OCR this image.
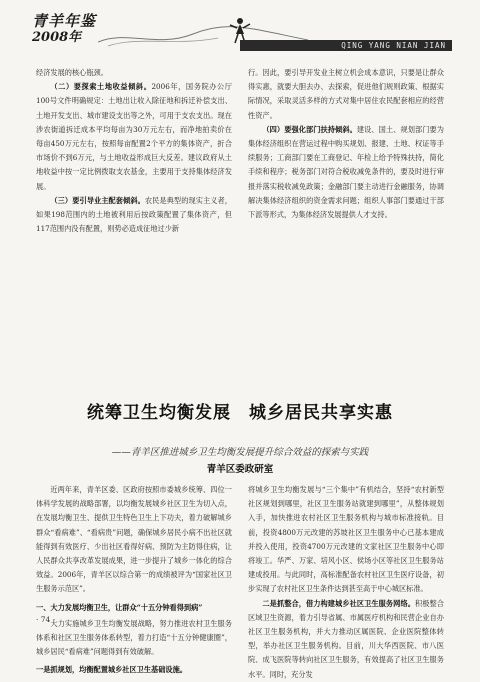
青羊年鉴
2008年
QING YANG NIAN JIAN

经济发展的核心瓶颈。

（二）要探索土地收益倾斜。2006年，国务院办公厅100号文件明确规定：土地出让收入除征地和拆迁补偿支出、土地开发支出、城市建设支出等之外，可用于支农支出。现在涉农街道拆迁成本平均每亩为30万元左右，而净地拍卖价在每亩450万元左右，按照每亩配置2个平方的集体资产，折合市场价不到6万元，与土地收益形成巨大反差。建议政府从土地收益中按一定比例拨取支农基金，主要用于支持集体经济发展。

（三）要引导业主配套倾斜。农民是典型的现实主义者，如果198范围内的土地被利用后按政策配置了集体资产，但117范围内没有配置，则势必造成征地过少新

行。因此，要引导开发业主树立机会成本意识，只要是让群众得实惠，就要大胆去办、去探索，促进他们规则政策、根据实际情况，采取灵活多样的方式对集中居住农民配套相应的经营性资产。

（四）要强化部门扶持倾斜。建设、国土、规划部门要为集体经济组织在营运过程中购买规划、报建、土地、权证等手续服务；工商部门要在工商登记、年检上给予特殊扶持，简化手续和程序；税务部门对符合税收减免条件的，要及时进行审报并落实税收减免政策；金融部门要主动进行金融服务，协调解决集体经济组织的资金需求问题；组织人事部门要通过干部下派等形式，为集体经济发展提供人才支持。

统筹卫生均衡发展　城乡居民共享实惠
——青羊区推进城乡卫生均衡发展提升综合效益的探索与实践
青羊区委政研室

近两年来，青羊区委、区政府按照市委城乡统筹、四位一体科学发展的战略部署，以均衡发展城乡社区卫生为切入点，在发展均衡卫生、提供卫生特色卫生上下功夫，着力破解城乡群众“看病难”、“看病贵”问题，确保城乡居民小病不出社区就能得到有效医疗、少出社区看得好病、预防为主防得住病，让人民群众共享改革发展成果，进一步提升了城乡一体化的综合效益。2006年，青羊区以综合第一的成绩被评为“国家社区卫生服务示范区”。

一、大力发展均衡卫生，让群众“十五分钟看得到病”

大力实施城乡卫生均衡发展战略，努力推进农村卫生服务体系和社区卫生服务体系转型，着力打造“十五分钟健康圈”，城乡居民“看病难”问题得到有效破解。

一是抓规划，均衡配置城乡社区卫生基础设施。

将城乡卫生均衡发展与“三个集中”有机结合，坚持“农村新型社区规划到哪里，社区卫生服务站就建到哪里”，从整体规划入手，加快推进农村社区卫生服务机构与城市标准接轨。目前，投资4800万元改建的苏坡社区卫生服务中心已基本建成并投入使用，投资4700万元改建的文家社区卫生服务中心即将竣工。华严、万家、培风小区、侯场小区等社区卫生服务站建成投用。与此同时，高标准配备农村社区卫生医疗设备，初步实现了农村社区卫生条件达到甚至高于中心城区标准。

二是抓整合，借力构建城乡社区卫生服务网络。积极整合区域卫生资源，着力引导省属、市属医疗机构和民营企业自办社区卫生服务机构，并大力推动区属医院、企业医院整体转型，举办社区卫生服务机构。目前，川大华西医院、市八医院、成飞医院等转向社区卫生服务，有效提高了社区卫生服务水平。同时，充分发

· 74 ·
